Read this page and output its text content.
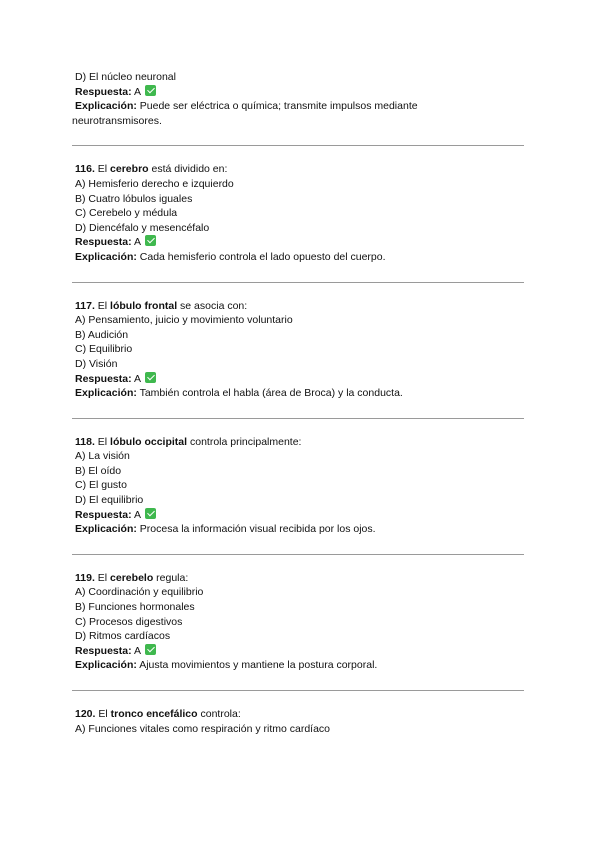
D) El núcleo neuronal
Respuesta: A
Explicación: Puede ser eléctrica o química; transmite impulsos mediante
neurotransmisores.
116. El cerebro está dividido en:
A) Hemisferio derecho e izquierdo
B) Cuatro lóbulos iguales
C) Cerebelo y médula
D) Diencéfalo y mesencéfalo
Respuesta: A
Explicación: Cada hemisferio controla el lado opuesto del cuerpo.
117. El lóbulo frontal se asocia con:
A) Pensamiento, juicio y movimiento voluntario
B) Audición
C) Equilibrio
D) Visión
Respuesta: A
Explicación: También controla el habla (área de Broca) y la conducta.
118. El lóbulo occipital controla principalmente:
A) La visión
B) El oído
C) El gusto
D) El equilibrio
Respuesta: A
Explicación: Procesa la información visual recibida por los ojos.
119. El cerebelo regula:
A) Coordinación y equilibrio
B) Funciones hormonales
C) Procesos digestivos
D) Ritmos cardíacos
Respuesta: A
Explicación: Ajusta movimientos y mantiene la postura corporal.
120. El tronco encefálico controla:
A) Funciones vitales como respiración y ritmo cardíaco
